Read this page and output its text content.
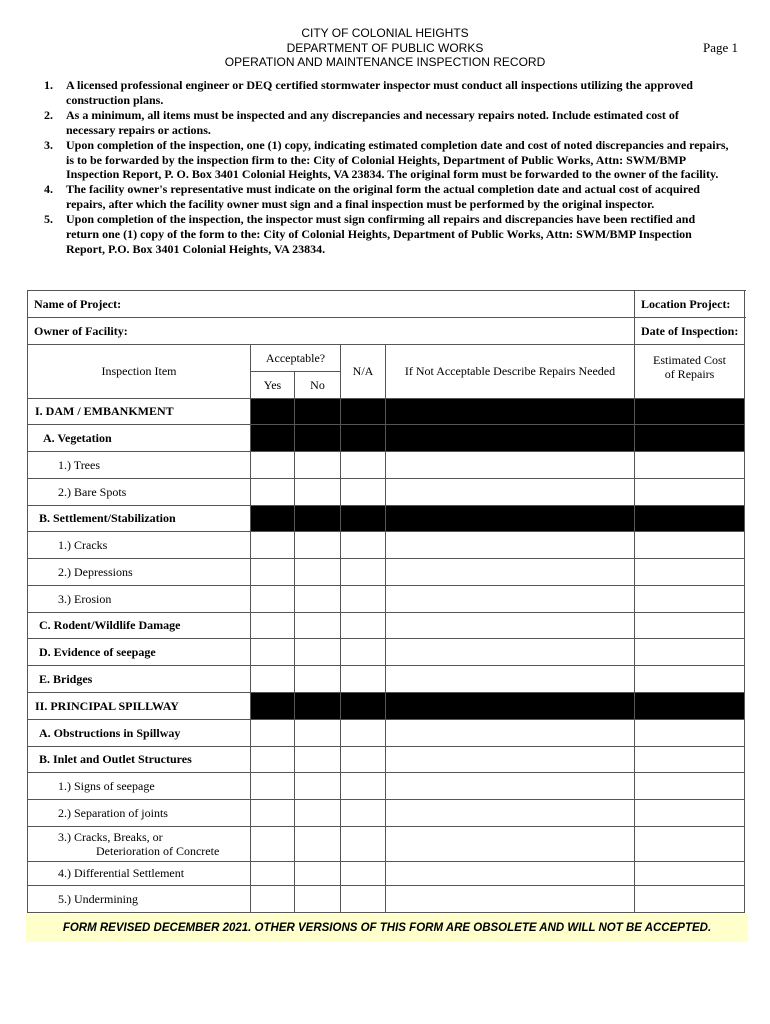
CITY OF COLONIAL HEIGHTS
DEPARTMENT OF PUBLIC WORKS
OPERATION AND MAINTENANCE INSPECTION RECORD
Page 1
1. A licensed professional engineer or DEQ certified stormwater inspector must conduct all inspections utilizing the approved construction plans.
2. As a minimum, all items must be inspected and any discrepancies and necessary repairs noted. Include estimated cost of necessary repairs or actions.
3. Upon completion of the inspection, one (1) copy, indicating estimated completion date and cost of noted discrepancies and repairs, is to be forwarded by the inspection firm to the: City of Colonial Heights, Department of Public Works, Attn: SWM/BMP Inspection Report, P. O. Box 3401 Colonial Heights, VA 23834. The original form must be forwarded to the owner of the facility.
4. The facility owner's representative must indicate on the original form the actual completion date and actual cost of acquired repairs, after which the facility owner must sign and a final inspection must be performed by the original inspector.
5. Upon completion of the inspection, the inspector must sign confirming all repairs and discrepancies have been rectified and return one (1) copy of the form to the: City of Colonial Heights, Department of Public Works, Attn: SWM/BMP Inspection Report, P.O. Box 3401 Colonial Heights, VA 23834.
Name of Project:					Location Project:
Owner of Facility:					Date of Inspection:
Inspection Item	Acceptable?		N/A	If Not Acceptable Describe Repairs Needed	Estimated Cost
of Repairs
	Yes	No			
I. DAM / EMBANKMENT					
A. Vegetation					
1.) Trees					
2.) Bare Spots					
B. Settlement/Stabilization					
1.) Cracks					
2.) Depressions					
3.) Erosion					
C. Rodent/Wildlife Damage					
D. Evidence of seepage					
E. Bridges					
II. PRINCIPAL SPILLWAY					
A. Obstructions in Spillway					
B. Inlet and Outlet Structures					
1.) Signs of seepage					
2.) Separation of joints					
3.) Cracks, Breaks, or

Deterioration of Concrete					

4.) Differential Settlement					
5.) Undermining					
FORM REVISED DECEMBER 2021. OTHER VERSIONS OF THIS FORM ARE OBSOLETE AND WILL NOT BE ACCEPTED.
